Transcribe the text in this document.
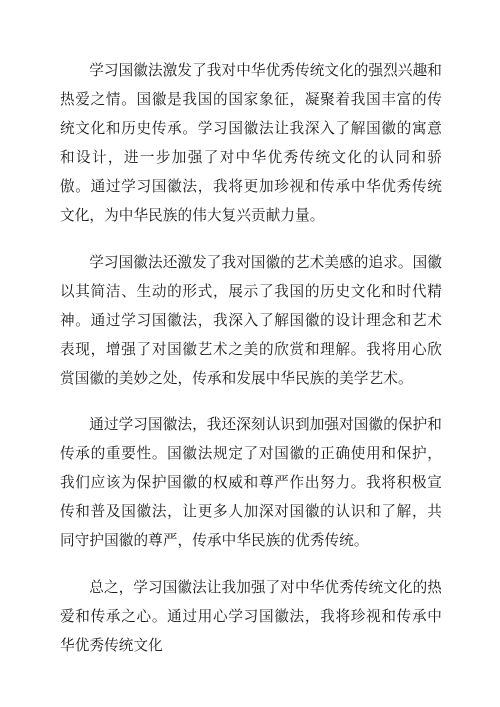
学习国徽法激发了我对中华优秀传统文化的强烈兴趣和热爱之情。国徽是我国的国家象征，凝聚着我国丰富的传统文化和历史传承。学习国徽法让我深入了解国徽的寓意和设计，进一步加强了对中华优秀传统文化的认同和骄傲。通过学习国徽法，我将更加珍视和传承中华优秀传统文化，为中华民族的伟大复兴贡献力量。

学习国徽法还激发了我对国徽的艺术美感的追求。国徽以其简洁、生动的形式，展示了我国的历史文化和时代精神。通过学习国徽法，我深入了解国徽的设计理念和艺术表现，增强了对国徽艺术之美的欣赏和理解。我将用心欣赏国徽的美妙之处，传承和发展中华民族的美学艺术。

通过学习国徽法，我还深刻认识到加强对国徽的保护和传承的重要性。国徽法规定了对国徽的正确使用和保护，我们应该为保护国徽的权威和尊严作出努力。我将积极宣传和普及国徽法，让更多人加深对国徽的认识和了解，共同守护国徽的尊严，传承中华民族的优秀传统。

总之，学习国徽法让我加强了对中华优秀传统文化的热爱和传承之心。通过用心学习国徽法，我将珍视和传承中华优秀传统文化
